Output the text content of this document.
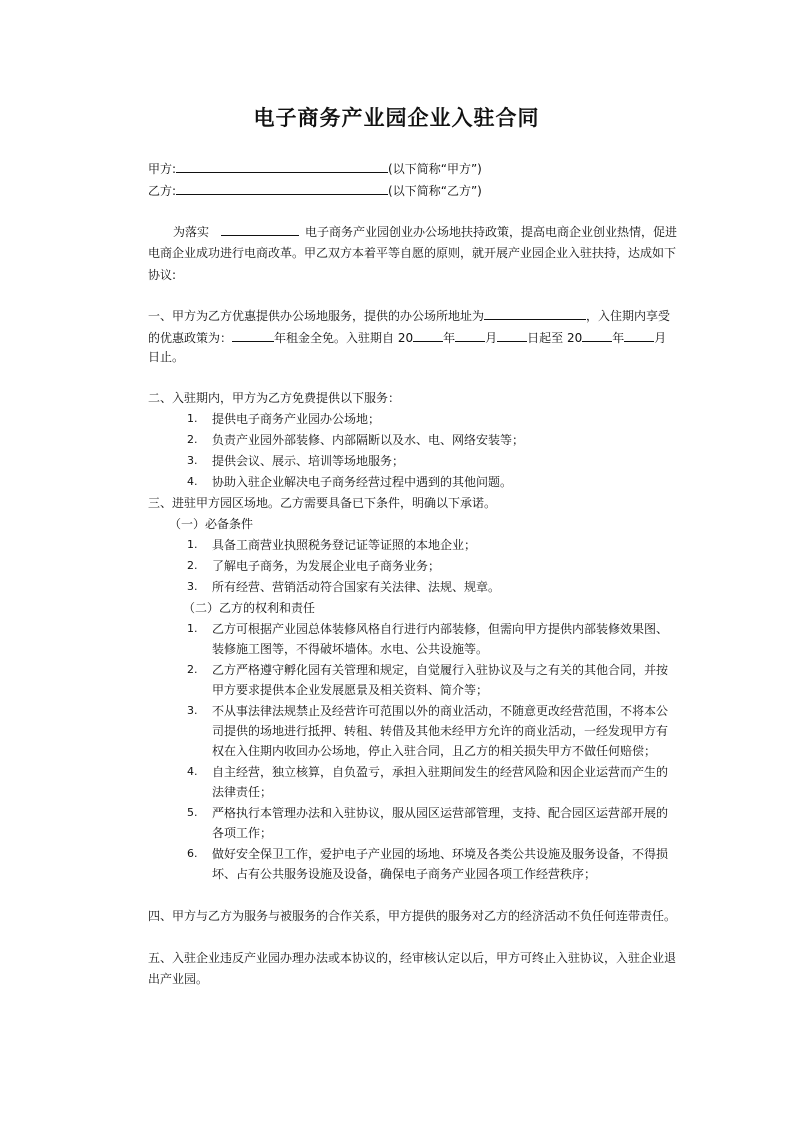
电子商务产业园企业入驻合同
甲方:	(以下简称“甲方”)
乙方:	(以下简称“乙方”)
为落实	电子商务产业园创业办公场地扶持政策，提高电商企业创业热情，促进
电商企业成功进行电商改革。甲乙双方本着平等自愿的原则，就开展产业园企业入驻扶持，达成如下
协议:
一、甲方为乙方优惠提供办公场地服务，提供的办公场所地址为	，入住期内享受
的优惠政策为：	年租金全免。入驻期自 20	年	月	日起至 20	年	月
日止。
二、入驻期内，甲方为乙方免费提供以下服务：
1. 提供电子商务产业园办公场地；
2. 负责产业园外部装修、内部隔断以及水、电、网络安装等；
3. 提供会议、展示、培训等场地服务；
4. 协助入驻企业解决电子商务经营过程中遇到的其他问题。
三、进驻甲方园区场地。乙方需要具备已下条件，明确以下承诺。
（一）必备条件
1. 具备工商营业执照税务登记证等证照的本地企业；
2. 了解电子商务，为发展企业电子商务业务；
3. 所有经营、营销活动符合国家有关法律、法规、规章。
（二）乙方的权利和责任
1. 乙方可根据产业园总体装修风格自行进行内部装修，但需向甲方提供内部装修效果图、
装修施工图等，不得破坏墙体。水电、公共设施等。
2. 乙方严格遵守孵化园有关管理和规定，自觉履行入驻协议及与之有关的其他合同，并按
甲方要求提供本企业发展愿景及相关资料、简介等；
3. 不从事法律法规禁止及经营许可范围以外的商业活动，不随意更改经营范围，不将本公
司提供的场地进行抵押、转租、转借及其他未经甲方允许的商业活动，一经发现甲方有
权在入住期内收回办公场地，停止入驻合同，且乙方的相关损失甲方不做任何赔偿；
4. 自主经营，独立核算，自负盈亏，承担入驻期间发生的经营风险和因企业运营而产生的
法律责任；
5. 严格执行本管理办法和入驻协议，服从园区运营部管理，支持、配合园区运营部开展的
各项工作；
6. 做好安全保卫工作，爱护电子产业园的场地、环境及各类公共设施及服务设备，不得损
坏、占有公共服务设施及设备，确保电子商务产业园各项工作经营秩序；
四、甲方与乙方为服务与被服务的合作关系，甲方提供的服务对乙方的经济活动不负任何连带责任。
五、入驻企业违反产业园办理办法或本协议的，经审核认定以后，甲方可终止入驻协议，入驻企业退
出产业园。
